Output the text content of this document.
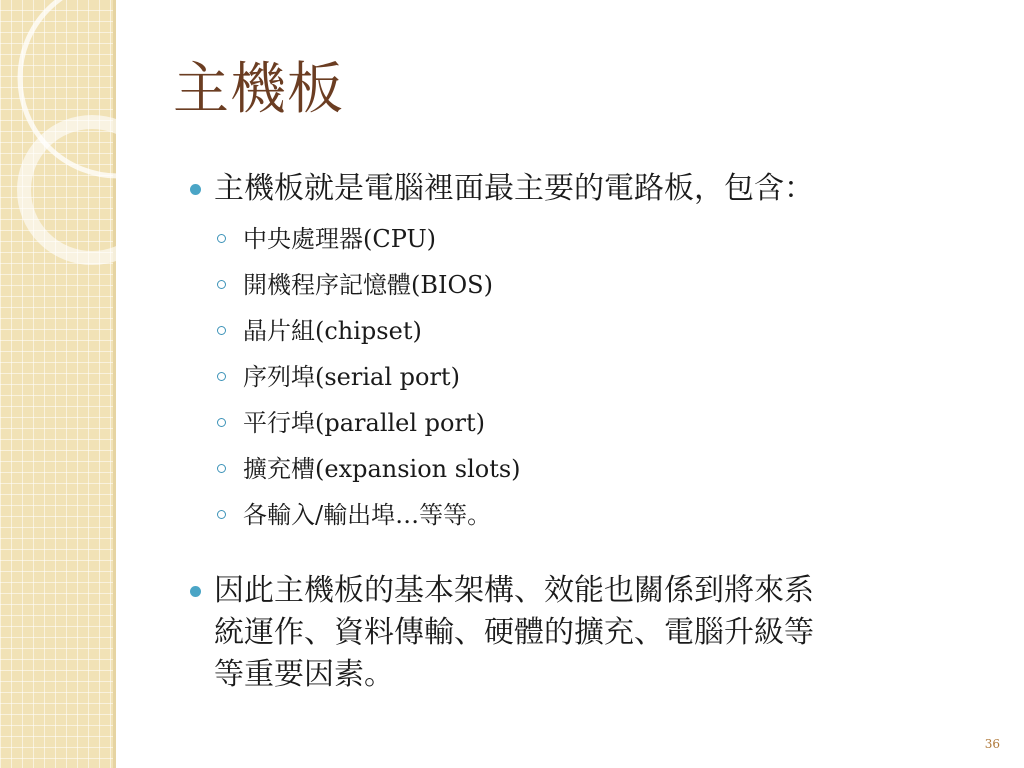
主機板
主機板就是電腦裡面最主要的電路板，包含：
中央處理器(CPU)
開機程序記憶體(BIOS)
晶片組(chipset)
序列埠(serial port)
平行埠(parallel port)
擴充槽(expansion slots)
各輸入/輸出埠…等等。
因此主機板的基本架構、效能也關係到將來系
統運作、資料傳輸、硬體的擴充、電腦升級等
等重要因素。
36
